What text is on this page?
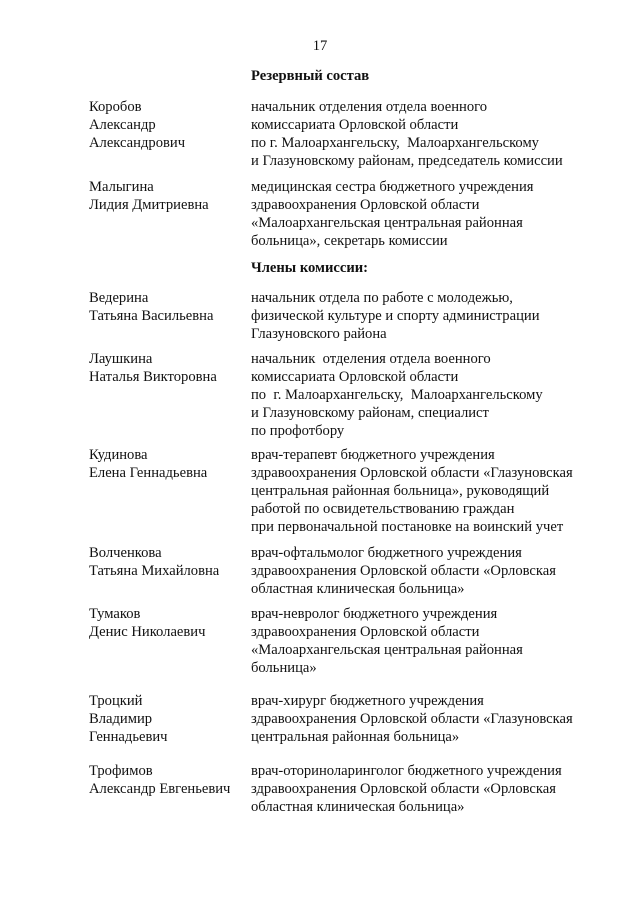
17
Резервный состав
Коробов
Александр
Александрович
начальник отделения отдела военного
комиссариата Орловской области
по г. Малоархангельску,  Малоархангельскому
и Глазуновскому районам, председатель комиссии
Малыгина
Лидия Дмитриевна
медицинская сестра бюджетного учреждения
здравоохранения Орловской области
«Малоархангельская центральная районная
больница», секретарь комиссии
Члены комиссии:
Ведерина
Татьяна Васильевна
начальник отдела по работе с молодежью,
физической культуре и спорту администрации
Глазуновского района
Лаушкина
Наталья Викторовна
начальник  отделения отдела военного
комиссариата Орловской области
по  г. Малоархангельску,  Малоархангельскому
и Глазуновскому районам, специалист
по профотбору
Кудинова
Елена Геннадьевна
врач-терапевт бюджетного учреждения
здравоохранения Орловской области «Глазуновская
центральная районная больница», руководящий
работой по освидетельствованию граждан
при первоначальной постановке на воинский учет
Волченкова
Татьяна Михайловна
врач-офтальмолог бюджетного учреждения
здравоохранения Орловской области «Орловская
областная клиническая больница»
Тумаков
Денис Николаевич
врач-невролог бюджетного учреждения
здравоохранения Орловской области
«Малоархангельская центральная районная
больница»
Троцкий
Владимир
Геннадьевич
врач-хирург бюджетного учреждения
здравоохранения Орловской области «Глазуновская
центральная районная больница»
Трофимов
Александр Евгеньевич
врач-оториноларинголог бюджетного учреждения
здравоохранения Орловской области «Орловская
областная клиническая больница»
